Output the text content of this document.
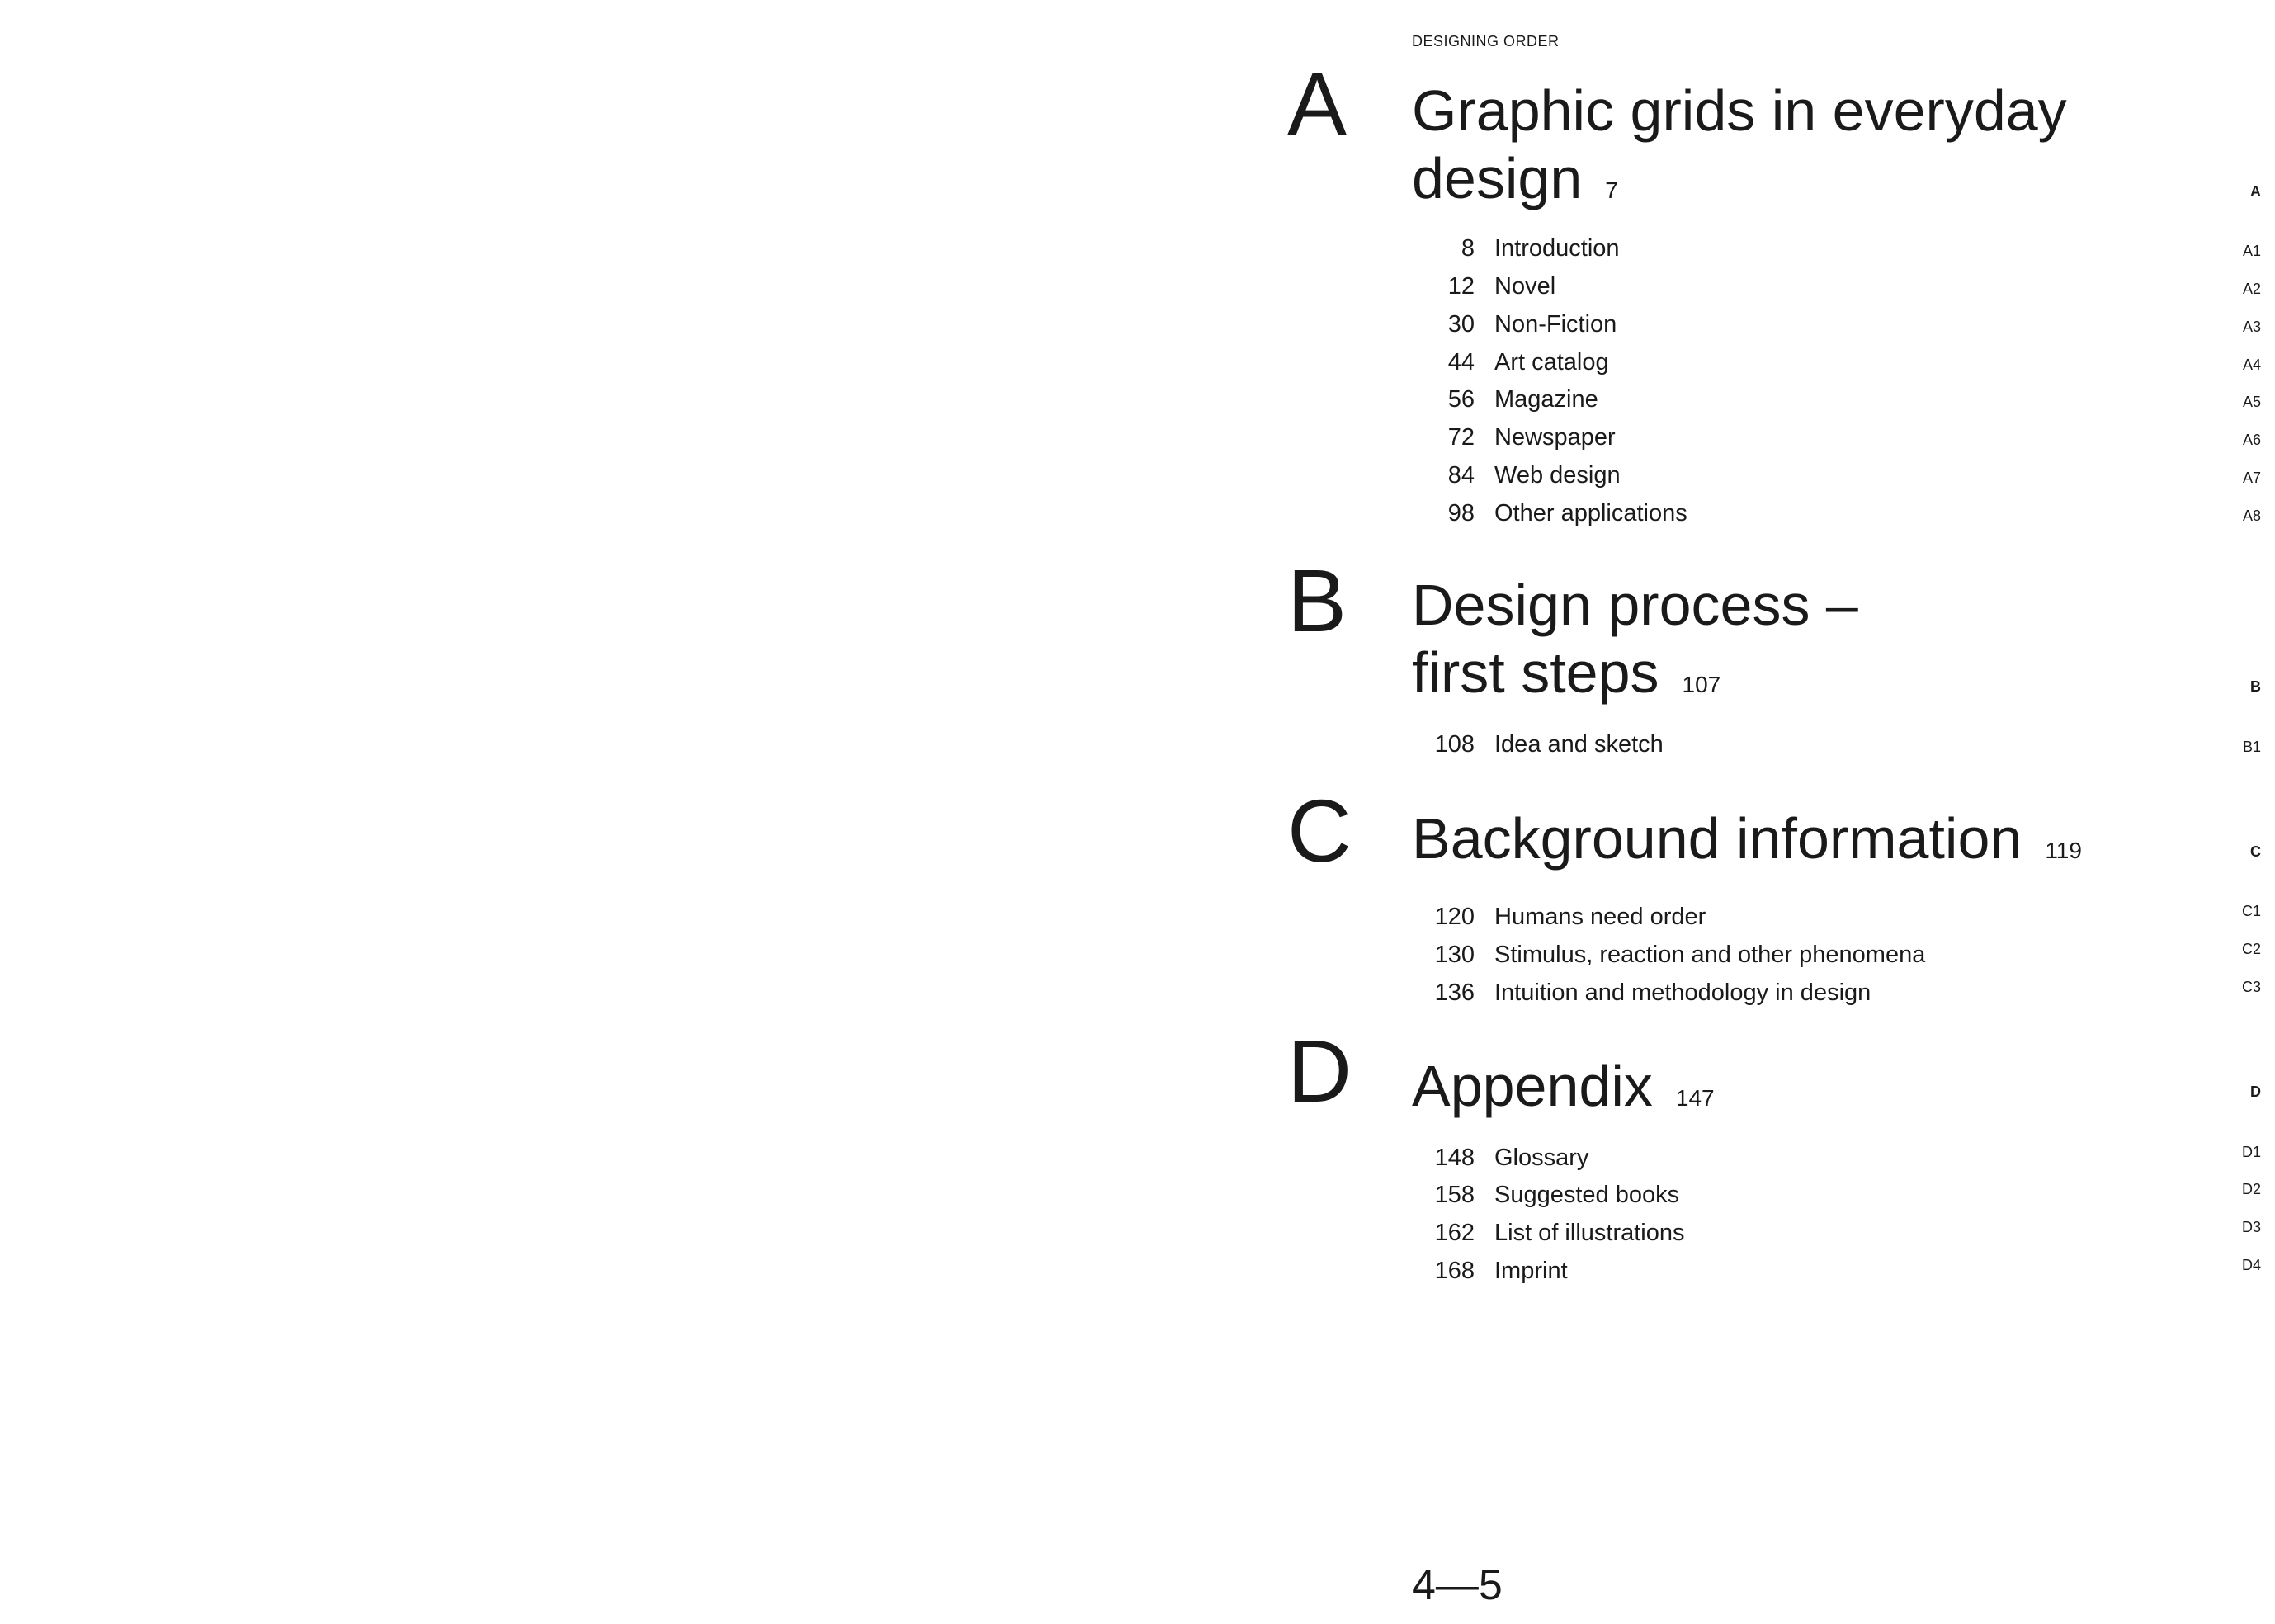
DESIGNING ORDER
A Graphic grids in everyday
design 7	A
8 Introduction	A1
12 Novel	A2
30 Non-Fiction	A3
44 Art catalog	A4
56 Magazine	A5
72 Newspaper	A6
84 Web design	A7
98 Other applications	A8
B Design process –
first steps 107	B
108 Idea and sketch	B1
C Background information 119	C
120 Humans need order	C1
130 Stimulus, reaction and other phenomena	C2
136 Intuition and methodology in design	C3
D Appendix 147	D
148 Glossary	D1
158 Suggested books	D2
162 List of illustrations	D3
168 Imprint	D4
4—5
